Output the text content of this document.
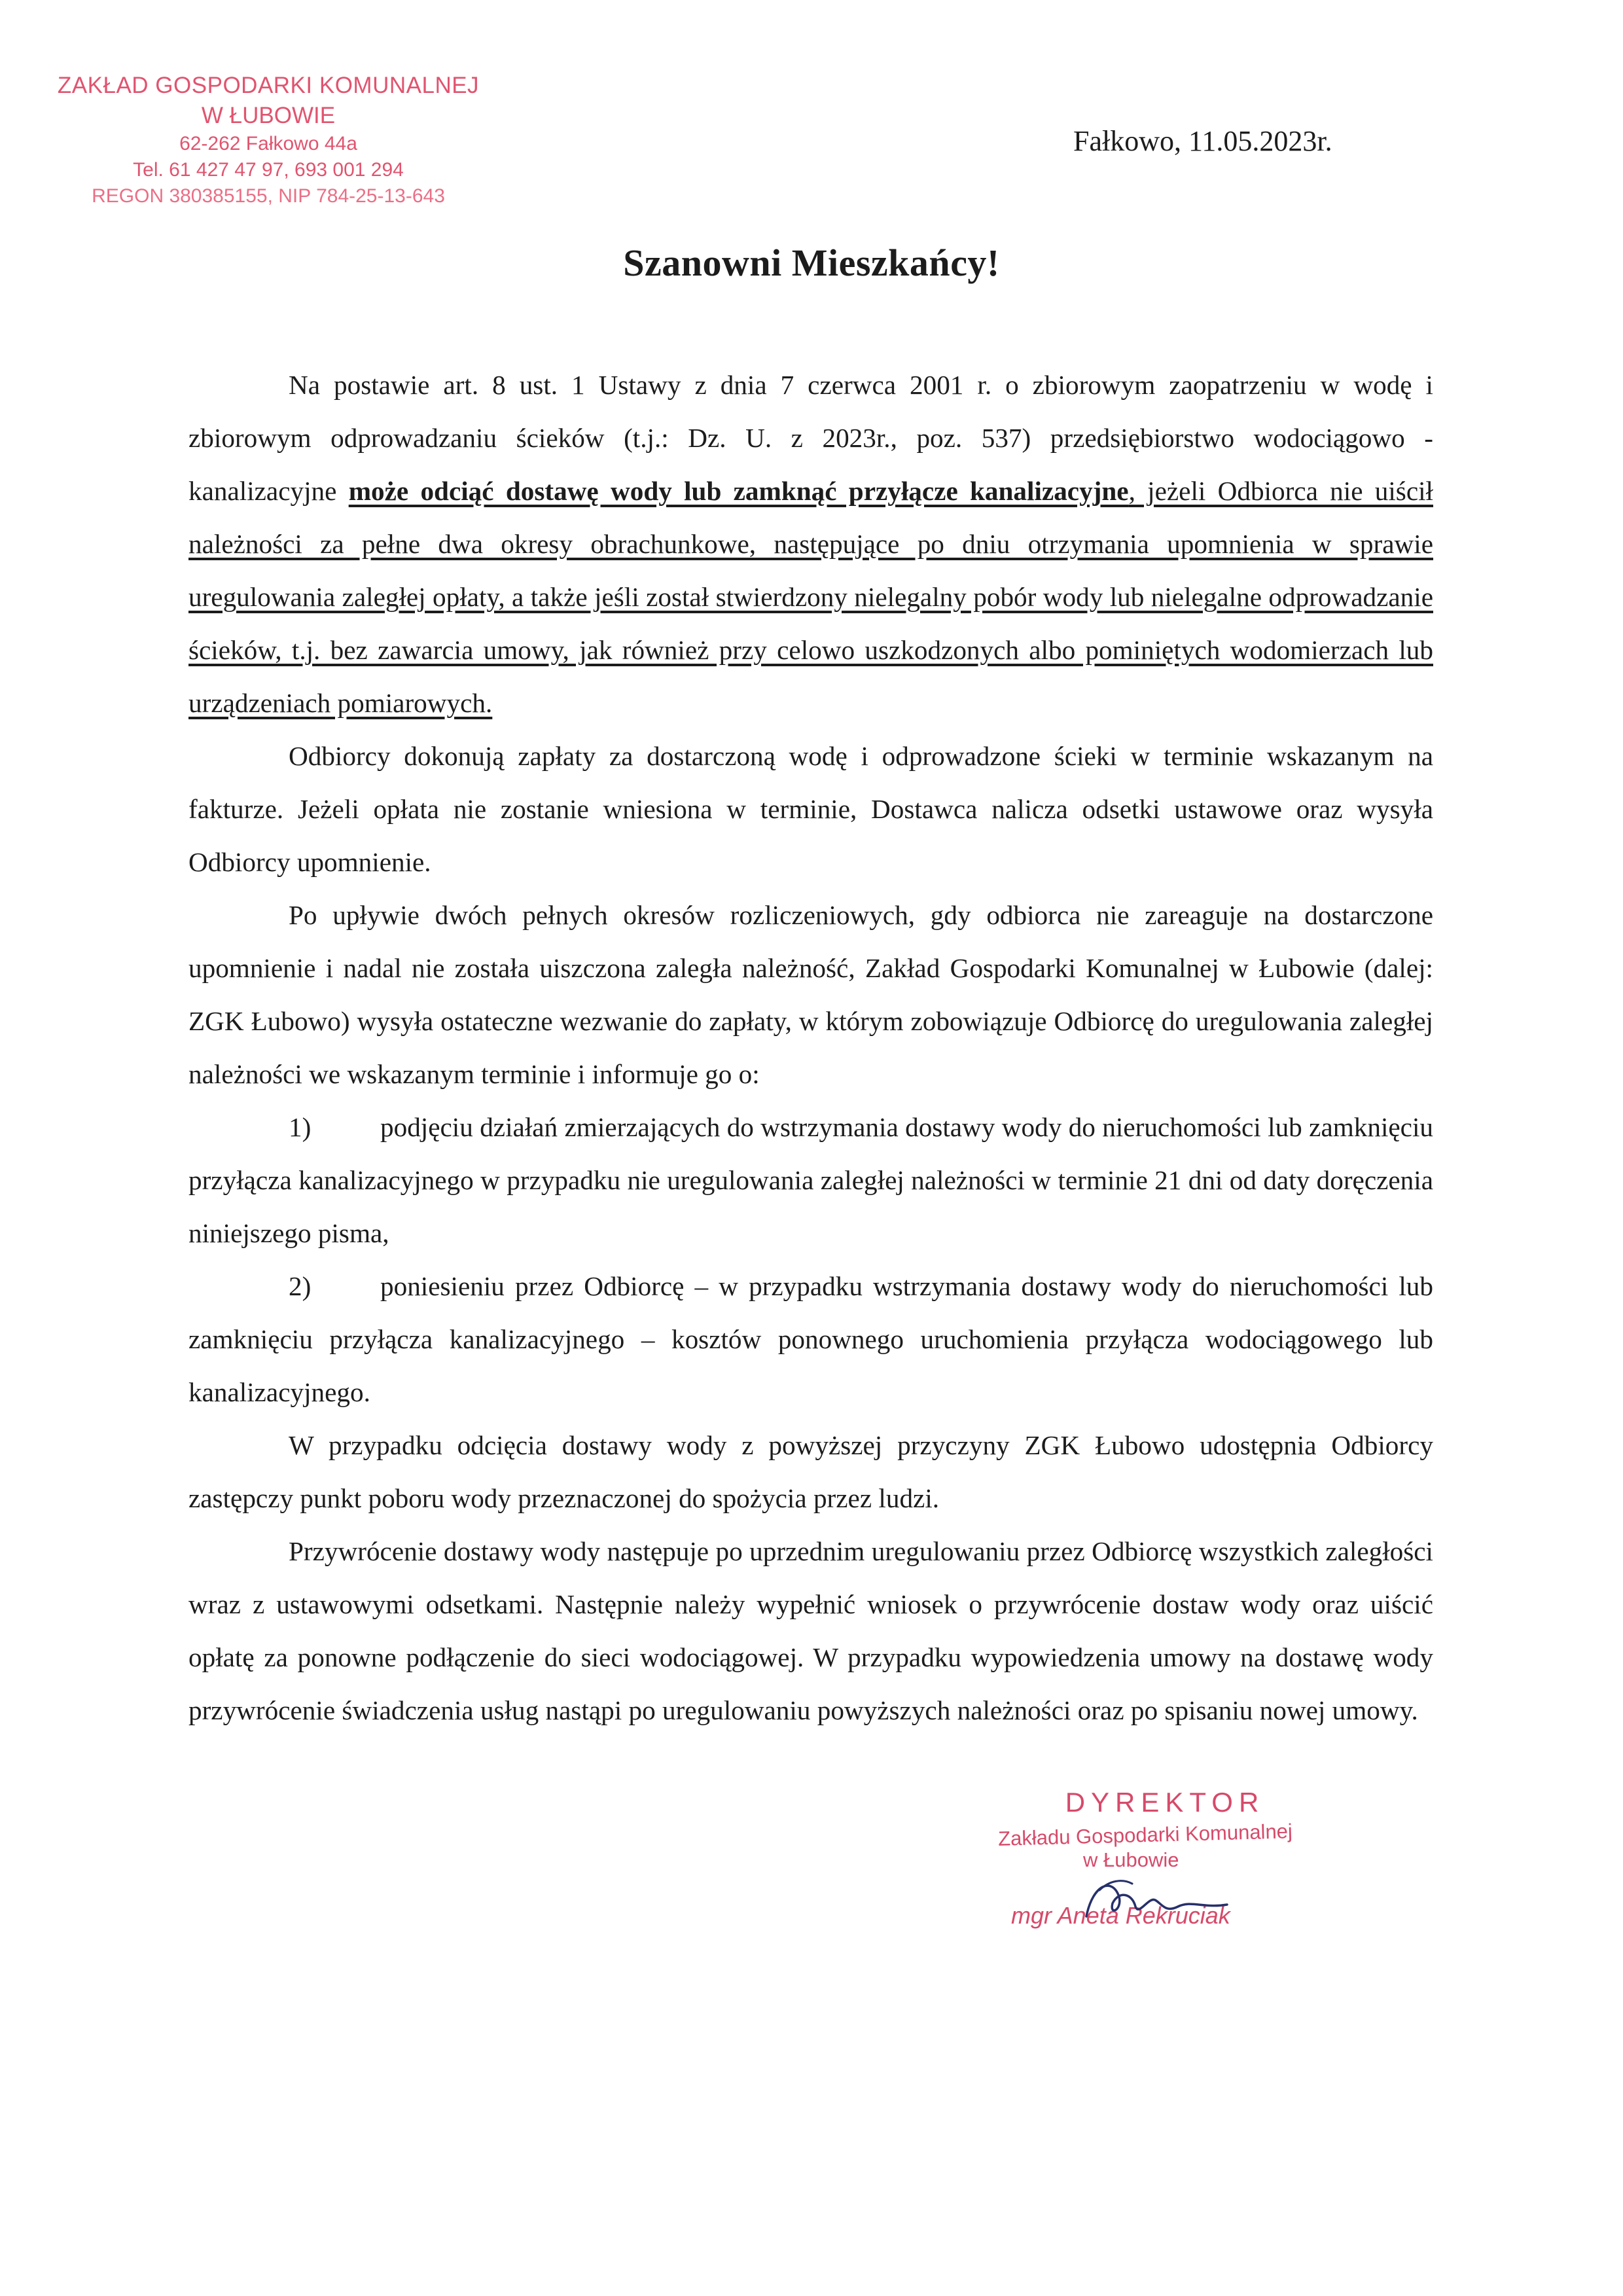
ZAKŁAD GOSPODARKI KOMUNALNEJ
W ŁUBOWIE
62-262 Fałkowo 44a
Tel. 61 427 47 97, 693 001 294
REGON 380385155, NIP 784-25-13-643
Fałkowo, 11.05.2023r.
Szanowni Mieszkańcy!

Na postawie art. 8 ust. 1 Ustawy z dnia 7 czerwca 2001 r. o zbiorowym zaopatrzeniu w wodę i zbiorowym odprowadzaniu ścieków (t.j.: Dz. U. z 2023r., poz. 537) przedsiębiorstwo wodociągowo - kanalizacyjne może odciąć dostawę wody lub zamknąć przyłącze kanalizacyjne, jeżeli Odbiorca nie uiścił należności za pełne dwa okresy obrachunkowe, następujące po dniu otrzymania upomnienia w sprawie uregulowania zaległej opłaty, a także jeśli został stwierdzony nielegalny pobór wody lub nielegalne odprowadzanie ścieków, t.j. bez zawarcia umowy, jak również przy celowo uszkodzonych albo pominiętych wodomierzach lub urządzeniach pomiarowych.

Odbiorcy dokonują zapłaty za dostarczoną wodę i odprowadzone ścieki w terminie wskazanym na fakturze. Jeżeli opłata nie zostanie wniesiona w terminie, Dostawca nalicza odsetki ustawowe oraz wysyła Odbiorcy upomnienie.

Po upływie dwóch pełnych okresów rozliczeniowych, gdy odbiorca nie zareaguje na dostarczone upomnienie i nadal nie została uiszczona zaległa należność, Zakład Gospodarki Komunalnej w Łubowie (dalej: ZGK Łubowo) wysyła ostateczne wezwanie do zapłaty, w którym zobowiązuje Odbiorcę do uregulowania zaległej należności we wskazanym terminie i informuje go o:

1)	podjęciu działań zmierzających do wstrzymania dostawy wody do nieruchomości lub zamknięciu przyłącza kanalizacyjnego w przypadku nie uregulowania zaległej należności w terminie 21 dni od daty doręczenia niniejszego pisma,

2)	poniesieniu przez Odbiorcę – w przypadku wstrzymania dostawy wody do nieruchomości lub zamknięciu przyłącza kanalizacyjnego – kosztów ponownego uruchomienia przyłącza wodociągowego lub kanalizacyjnego.

W przypadku odcięcia dostawy wody z powyższej przyczyny ZGK Łubowo udostępnia Odbiorcy zastępczy punkt poboru wody przeznaczonej do spożycia przez ludzi.

Przywrócenie dostawy wody następuje po uprzednim uregulowaniu przez Odbiorcę wszystkich zaległości wraz z ustawowymi odsetkami. Następnie należy wypełnić wniosek o przywrócenie dostaw wody oraz uiścić opłatę za ponowne podłączenie do sieci wodociągowej. W przypadku wypowiedzenia umowy na dostawę wody przywrócenie świadczenia usług nastąpi po uregulowaniu powyższych należności oraz po spisaniu nowej umowy.

DYREKTOR
Zakładu Gospodarki Komunalnej
w Łubowie
mgr Aneta Rekruciak
